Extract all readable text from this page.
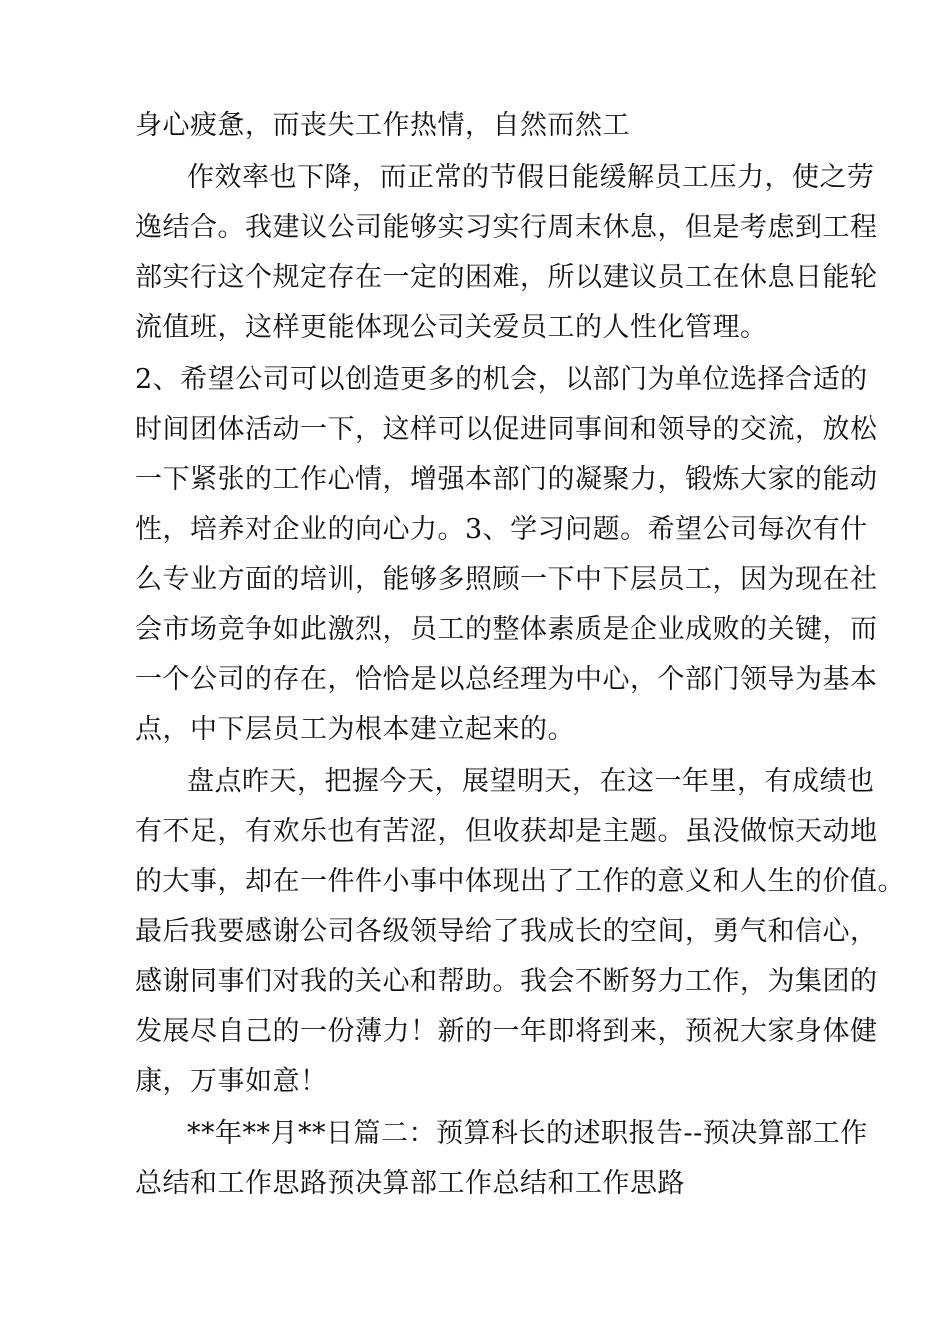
身心疲惫，而丧失工作热情，自然而然工
作效率也下降，而正常的节假日能缓解员工压力，使之劳
逸结合。我建议公司能够实习实行周末休息，但是考虑到工程
部实行这个规定存在一定的困难，所以建议员工在休息日能轮
流值班，这样更能体现公司关爱员工的人性化管理。
2、希望公司可以创造更多的机会，以部门为单位选择合适的
时间团体活动一下，这样可以促进同事间和领导的交流，放松
一下紧张的工作心情，增强本部门的凝聚力，锻炼大家的能动
性，培养对企业的向心力。3、学习问题。希望公司每次有什
么专业方面的培训，能够多照顾一下中下层员工，因为现在社
会市场竞争如此激烈，员工的整体素质是企业成败的关键，而
一个公司的存在，恰恰是以总经理为中心，个部门领导为基本
点，中下层员工为根本建立起来的。
盘点昨天，把握今天，展望明天，在这一年里，有成绩也
有不足，有欢乐也有苦涩，但收获却是主题。虽没做惊天动地
的大事，却在一件件小事中体现出了工作的意义和人生的价值。
最后我要感谢公司各级领导给了我成长的空间，勇气和信心，
感谢同事们对我的关心和帮助。我会不断努力工作，为集团的
发展尽自己的一份薄力！新的一年即将到来，预祝大家身体健
康，万事如意！
**年**月**日篇二：预算科长的述职报告--预决算部工作
总结和工作思路预决算部工作总结和工作思路
